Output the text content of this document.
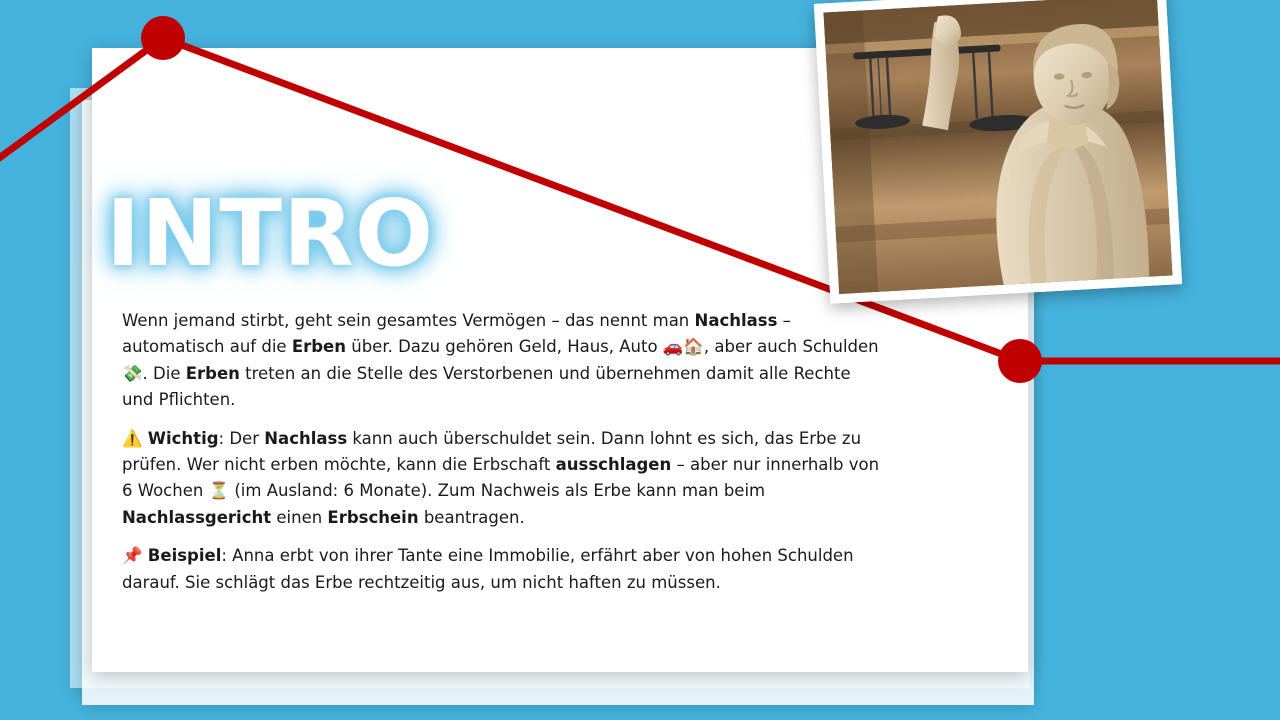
INTRO

Wenn jemand stirbt, geht sein gesamtes Vermögen – das nennt man Nachlass – automatisch auf die Erben über. Dazu gehören Geld, Haus, Auto 🚗🏠, aber auch Schulden 💸. Die Erben treten an die Stelle des Verstorbenen und übernehmen damit alle Rechte und Pflichten.

⚠️ Wichtig: Der Nachlass kann auch überschuldet sein. Dann lohnt es sich, das Erbe zu prüfen. Wer nicht erben möchte, kann die Erbschaft ausschlagen – aber nur innerhalb von 6 Wochen ⏳ (im Ausland: 6 Monate). Zum Nachweis als Erbe kann man beim Nachlassgericht einen Erbschein beantragen.

📌 Beispiel: Anna erbt von ihrer Tante eine Immobilie, erfährt aber von hohen Schulden darauf. Sie schlägt das Erbe rechtzeitig aus, um nicht haften zu müssen.
